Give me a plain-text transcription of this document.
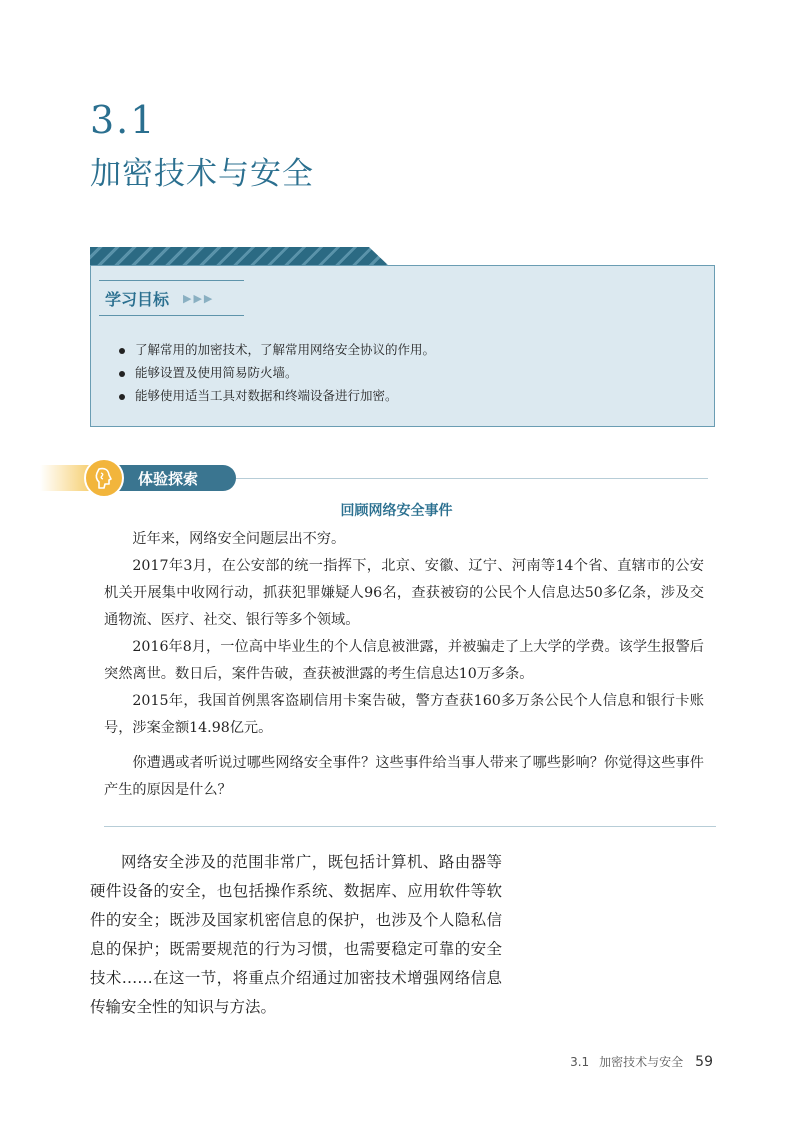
3.1
加密技术与安全
学习目标 ▶▶▶
了解常用的加密技术，了解常用网络安全协议的作用。
能够设置及使用简易防火墙。
能够使用适当工具对数据和终端设备进行加密。
体验探索
回顾网络安全事件

近年来，网络安全问题层出不穷。

2017年3月，在公安部的统一指挥下，北京、安徽、辽宁、河南等14个省、直辖市的公安机关开展集中收网行动，抓获犯罪嫌疑人96名，查获被窃的公民个人信息达50多亿条，涉及交通物流、医疗、社交、银行等多个领域。

2016年8月，一位高中毕业生的个人信息被泄露，并被骗走了上大学的学费。该学生报警后突然离世。数日后，案件告破，查获被泄露的考生信息达10万多条。

2015年，我国首例黑客盗刷信用卡案告破，警方查获160多万条公民个人信息和银行卡账号，涉案金额14.98亿元。

你遭遇或者听说过哪些网络安全事件？这些事件给当事人带来了哪些影响？你觉得这些事件产生的原因是什么？

网络安全涉及的范围非常广，既包括计算机、路由器等硬件设备的安全，也包括操作系统、数据库、应用软件等软件的安全；既涉及国家机密信息的保护，也涉及个人隐私信息的保护；既需要规范的行为习惯，也需要稳定可靠的安全技术……在这一节，将重点介绍通过加密技术增强网络信息传输安全性的知识与方法。

3.1 加密技术与安全 59
